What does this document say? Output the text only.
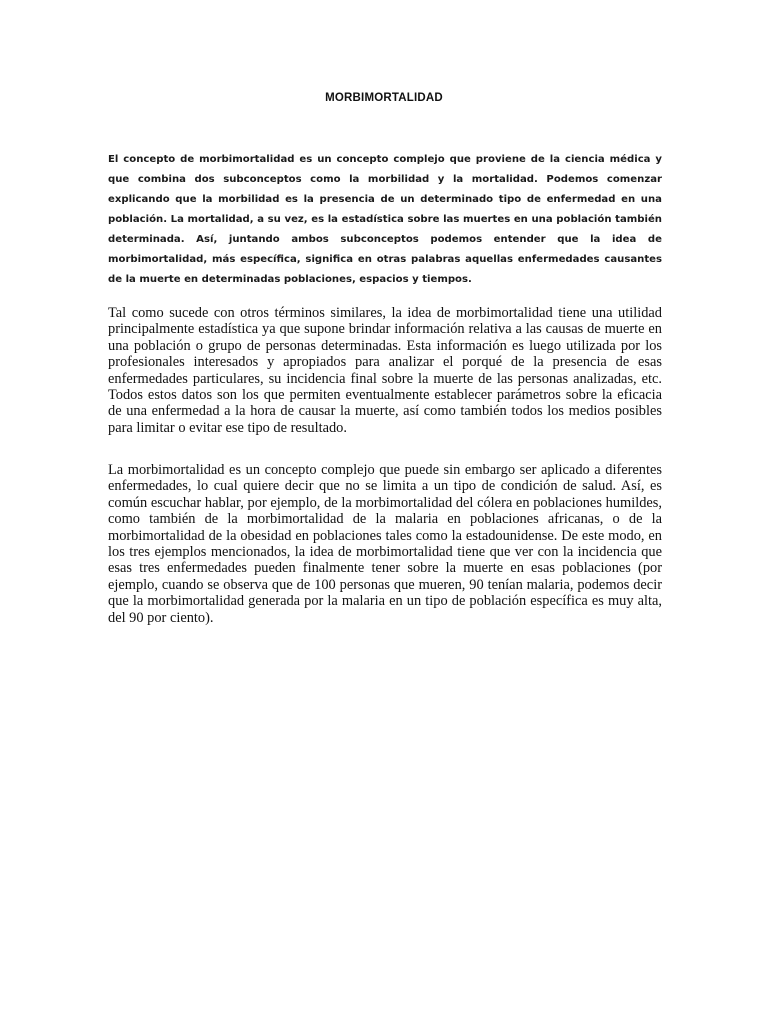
MORBIMORTALIDAD

El concepto de morbimortalidad es un concepto complejo que proviene de la ciencia médica y que combina dos subconceptos como la morbilidad y la mortalidad. Podemos comenzar explicando que la morbilidad es la presencia de un determinado tipo de enfermedad en una población. La mortalidad, a su vez, es la estadística sobre las muertes en una población también determinada. Así, juntando ambos subconceptos podemos entender que la idea de morbimortalidad, más específica, significa en otras palabras aquellas enfermedades causantes de la muerte en determinadas poblaciones, espacios y tiempos.

Tal como sucede con otros términos similares, la idea de morbimortalidad tiene una utilidad principalmente estadística ya que supone brindar información relativa a las causas de muerte en una población o grupo de personas determinadas. Esta información es luego utilizada por los profesionales interesados y apropiados para analizar el porqué de la presencia de esas enfermedades particulares, su incidencia final sobre la muerte de las personas analizadas, etc. Todos estos datos son los que permiten eventualmente establecer parámetros sobre la eficacia de una enfermedad a la hora de causar la muerte, así como también todos los medios posibles para limitar o evitar ese tipo de resultado.

La morbimortalidad es un concepto complejo que puede sin embargo ser aplicado a diferentes enfermedades, lo cual quiere decir que no se limita a un tipo de condición de salud. Así, es común escuchar hablar, por ejemplo, de la morbimortalidad del cólera en poblaciones humildes, como también de la morbimortalidad de la malaria en poblaciones africanas, o de la morbimortalidad de la obesidad en poblaciones tales como la estadounidense. De este modo, en los tres ejemplos mencionados, la idea de morbimortalidad tiene que ver con la incidencia que esas tres enfermedades pueden finalmente tener sobre la muerte en esas poblaciones (por ejemplo, cuando se observa que de 100 personas que mueren, 90 tenían malaria, podemos decir que la morbimortalidad generada por la malaria en un tipo de población específica es muy alta, del 90 por ciento).
